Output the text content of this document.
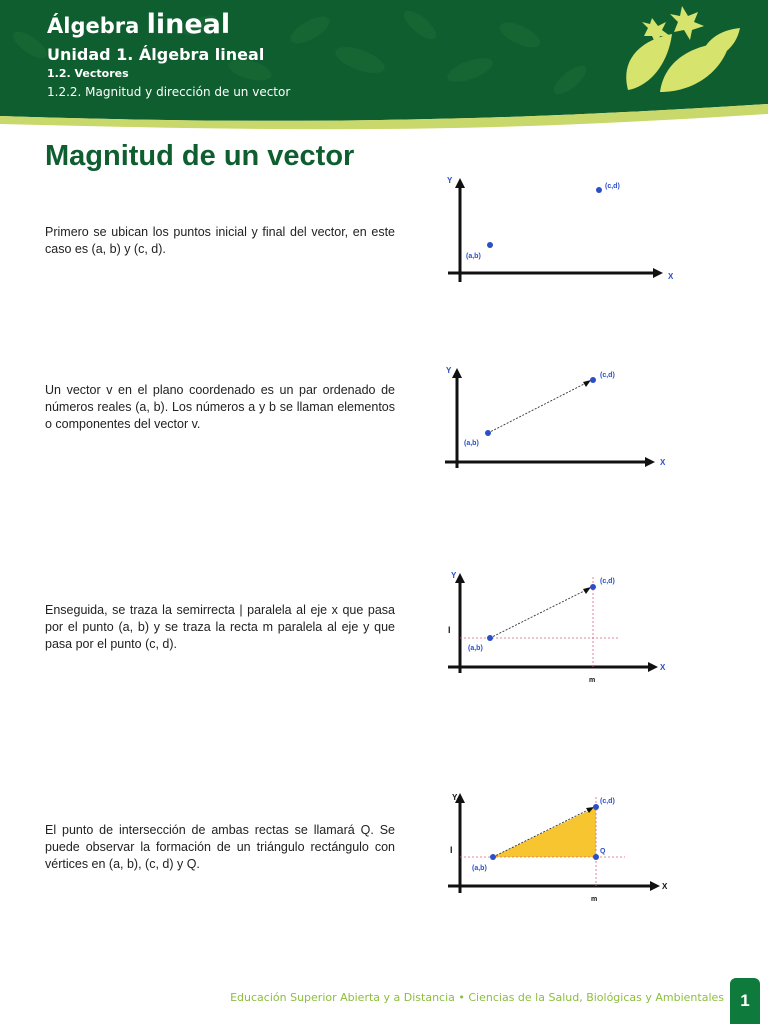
Álgebra lineal
Unidad 1. Álgebra lineal
1.2. Vectores
1.2.2. Magnitud y dirección de un vector
Magnitud de un vector

Primero se ubican los puntos inicial y final del vector, en este caso es (a, b) y (c, d).

Y
X
(a,b)
(c,d)

Un vector v en el plano coordenado es un par ordenado de números reales (a, b). Los números a y b se llaman elementos o componentes del vector v.

Y
X
(a,b)
(c,d)

Enseguida, se traza la semirrecta | paralela al eje x que pasa por el punto (a, b) y se traza la recta m paralela al eje y que pasa por el punto (c, d).

Y
X
l
m
(a,b)
(c,d)

El punto de intersección de ambas rectas se llamará Q. Se puede observar la formación de un triángulo rectángulo con vértices en (a, b), (c, d) y Q.

Y
X
l
m
(a,b)
(c,d)
Q
Educación Superior Abierta y a Distancia • Ciencias de la Salud, Biológicas y Ambientales 1
